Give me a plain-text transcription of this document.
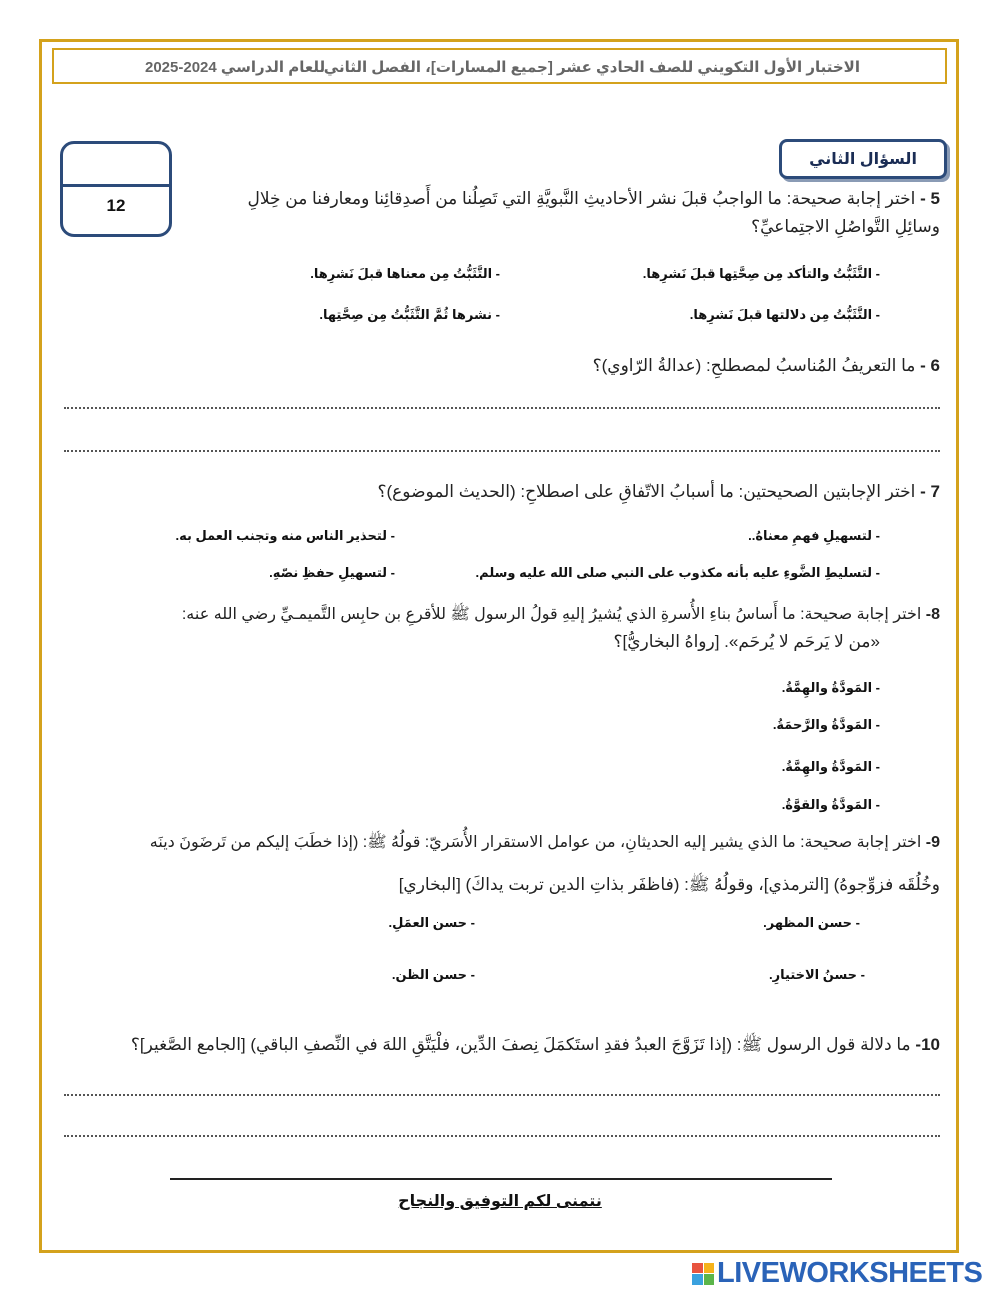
الاختبار الأول التكويني للصف الحادي عشر [جميع المسارات]، الفصل الثاني
للعام الدراسي 2024-2025
12
السؤال الثاني
5 - اختر إجابة صحيحة: ما الواجبُ قبلَ نشر الأحاديثِ النَّبويَّةِ التي تَصِلُنا من أَصدِقائِنا ومعارفنا من خِلالِ
وسائِلِ التَّواصُلِ الاجتِماعيِّ؟
- التَّثَبُّتُ والتأكد مِن صِحَّتِها قبلَ نَشرِها.
- التَّثَبُّتُ مِن معناها قبلَ نَشرِها.
- التَّثَبُّتُ مِن دلالتها قبلَ نَشرِها.
- نشرها ثُمَّ التَّثَبُّتُ مِن صِحَّتِها.
6 - ما التعريفُ المُناسبُ لمصطلحِ: (عدالةُ الرّاوي)؟
7 - اختر الإجابتين الصحيحتين: ما أسبابُ الاتّفاقِ على اصطلاحِ: (الحديث الموضوع)؟
- لتسهيلِ فهمِ معناهُ..
- لتحذير الناس منه وتجنب العمل به.
- لتسليطِ الضَّوءِ عليه بأنه مكذوب على النبي صلى الله عليه وسلم.
- لتسهيلِ حفظِ نصّهِ.
8- اختر إجابة صحيحة: ما أَساسُ بناءِ الأُسرةِ الذي يُشيرُ إليهِ قولُ الرسول ﷺ للأقرعِ بن حابِس التَّميمـيِّ رضي الله عنه:
«من لا يَرحَم لا يُرحَم». [رواهُ البخاريُّ]؟
- المَودَّةُ والهِمَّةُ.
- المَودَّةُ والرَّحمَةُ.
- المَودَّةُ والهِمَّةُ.
- المَودَّةُ والقوَّةُ.
9- اختر إجابة صحيحة: ما الذي يشير إليه الحديثانِ، من عوامل الاستقرار الأُسَريّ: قولُهُ ﷺ: (إذا خطَبَ إليكم من تَرضَونَ دينَه
وخُلُقَه فزوِّجوهُ) [الترمذي]، وقولُهُ ﷺ: (فاظفَر بذاتِ الدين تربت يداكَ) [البخاري]
- حسن المظهر.
- حسن العمَلِ.
- حسنُ الاختيارِ.
- حسن الظن.
10- ما دلالة قول الرسول ﷺ: (إذا تَزَوَّجَ العبدُ فقدِ استَكمَلَ نِصفَ الدِّين، فلْيَتَّقِ اللهَ في النِّصفِ الباقي) [الجامع الصَّغير]؟
نتمنى لكم التوفيق والنجاح
LIVEWORKSHEETS
